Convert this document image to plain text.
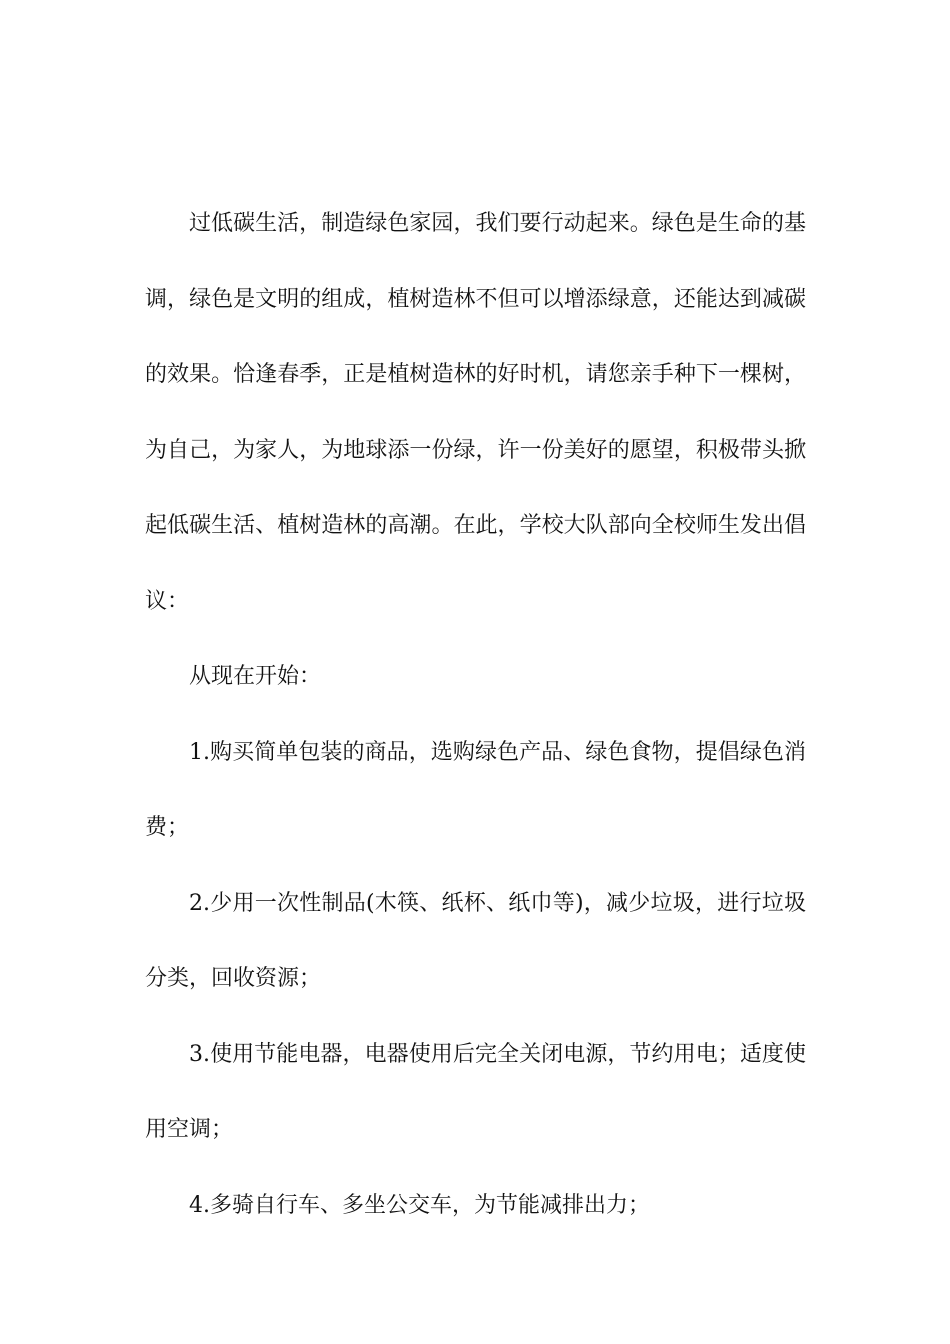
过低碳生活，制造绿色家园，我们要行动起来。绿色是生命的基调，绿色是文明的组成，植树造林不但可以增添绿意，还能达到减碳的效果。恰逢春季，正是植树造林的好时机，请您亲手种下一棵树，为自己，为家人，为地球添一份绿，许一份美好的愿望，积极带头掀起低碳生活、植树造林的高潮。在此，学校大队部向全校师生发出倡议：

从现在开始：

1.购买简单包装的商品，选购绿色产品、绿色食物，提倡绿色消费；

2.少用一次性制品(木筷、纸杯、纸巾等)，减少垃圾，进行垃圾分类，回收资源；

3.使用节能电器，电器使用后完全关闭电源，节约用电；适度使用空调；

4.多骑自行车、多坐公交车，为节能减排出力；
